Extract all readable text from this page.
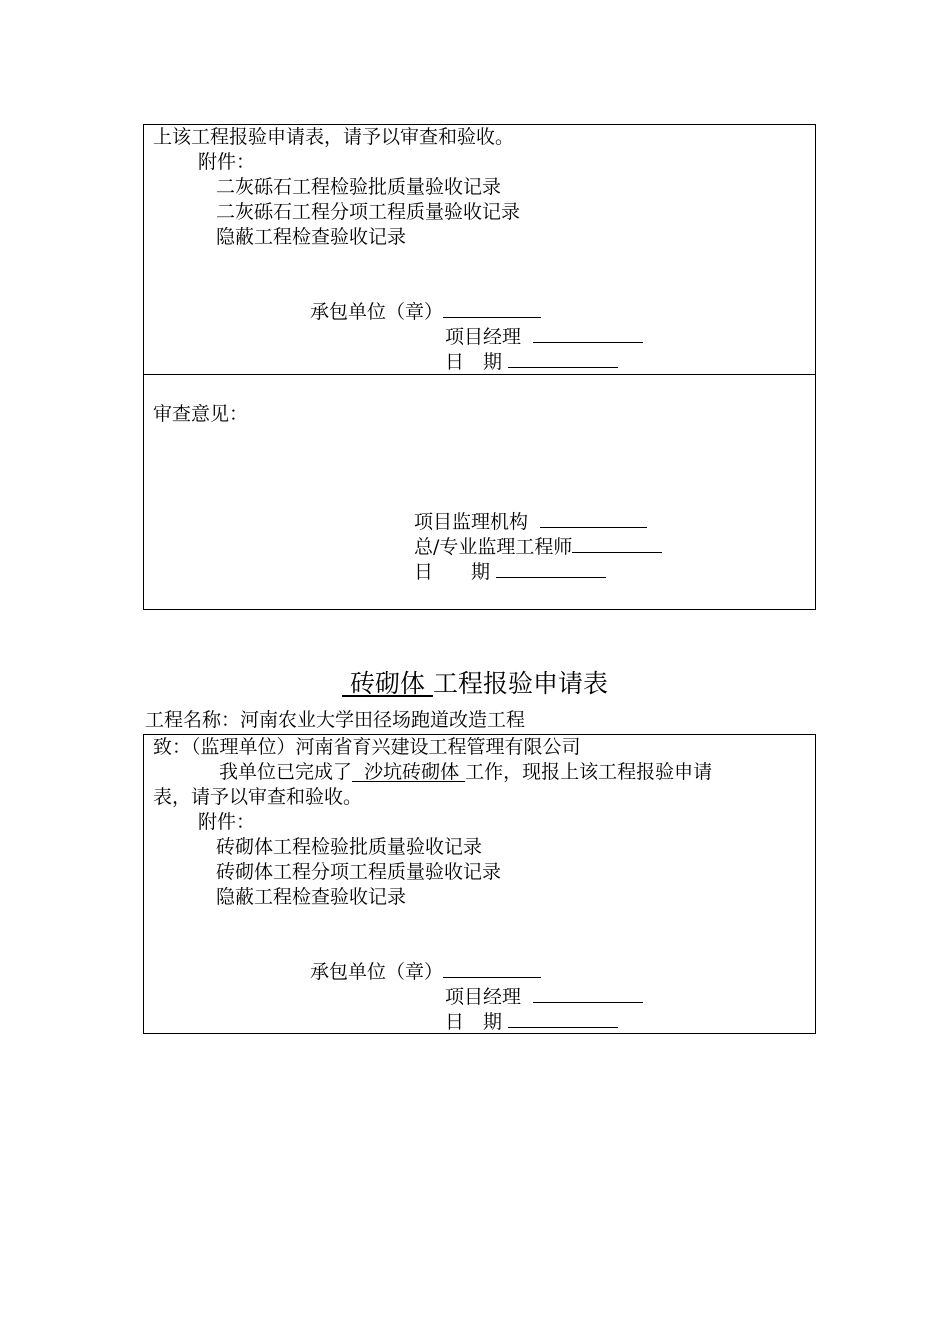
上该工程报验申请表，请予以审查和验收。
附件：
二灰砾石工程检验批质量验收记录
二灰砾石工程分项工程质量验收记录
隐蔽工程检查验收记录
承包单位（章）
项目经理
日　期
审查意见：
项目监理机构
总/专业监理工程师
日　　期
砖砌体 工程报验申请表
工程名称：河南农业大学田径场跑道改造工程
致：（监理单位）河南省育兴建设工程管理有限公司
我单位已完成了  沙坑砖砌体 工作，现报上该工程报验申请
表，请予以审查和验收。
附件：
砖砌体工程检验批质量验收记录
砖砌体工程分项工程质量验收记录
隐蔽工程检查验收记录
承包单位（章）
项目经理
日　期
